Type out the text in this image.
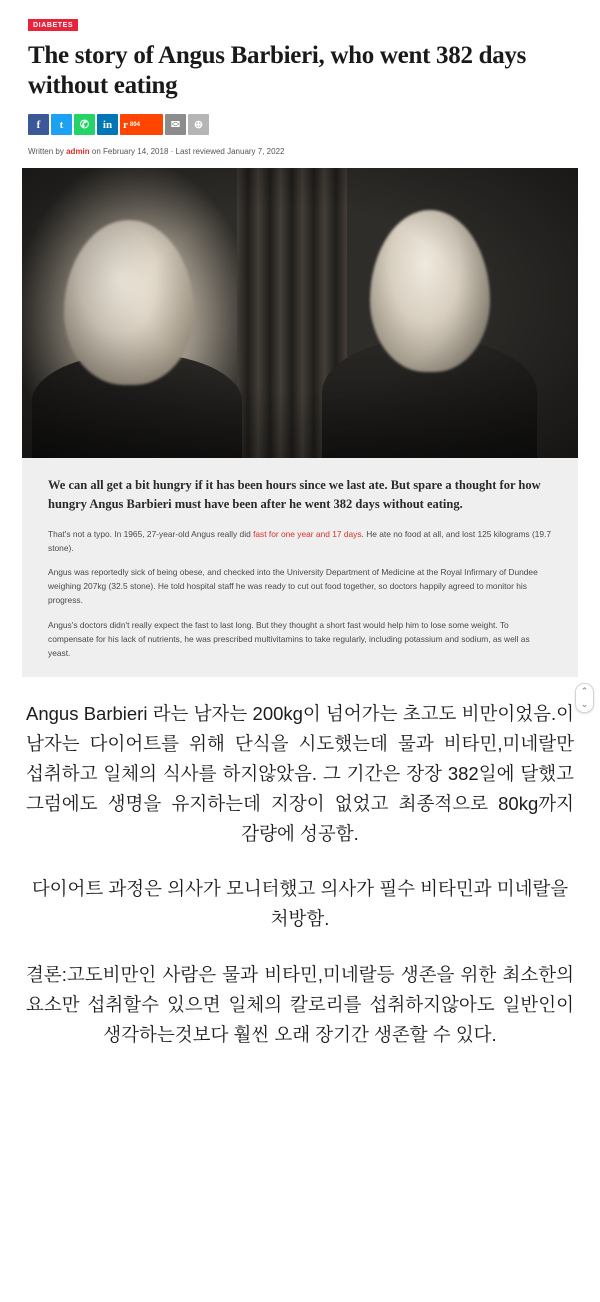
DIABETES
The story of Angus Barbieri, who went 382 days without eating
f	t	✆	in r 804	✉	⊕
Written by admin on February 14, 2018 · Last reviewed January 7, 2022

We can all get a bit hungry if it has been hours since we last ate. But spare a thought for how hungry Angus Barbieri must have been after he went 382 days without eating.

That's not a typo. In 1965, 27-year-old Angus really did fast for one year and 17 days. He ate no food at all, and lost 125 kilograms (19.7 stone).

Angus was reportedly sick of being obese, and checked into the University Department of Medicine at the Royal Infirmary of Dundee weighing 207kg (32.5 stone). He told hospital staff he was ready to cut out food together, so doctors happily agreed to monitor his progress.

Angus's doctors didn't really expect the fast to last long. But they thought a short fast would help him to lose some weight. To compensate for his lack of nutrients, he was prescribed multivitamins to take regularly, including potassium and sodium, as well as yeast.

⌃
⌄

Angus Barbieri 라는 남자는 200kg이 넘어가는 초고도 비만이었음.이 남자는 다이어트를 위해 단식을 시도했는데 물과 비타민,미네랄만 섭취하고 일체의 식사를 하지않았음. 그 기간은 장장 382일에 달했고 그럼에도 생명을 유지하는데 지장이 없었고 최종적으로 80kg까지 감량에 성공함.

다이어트 과정은 의사가 모니터했고 의사가 필수 비타민과 미네랄을 처방함.

결론:고도비만인 사람은 물과 비타민,미네랄등 생존을 위한 최소한의 요소만 섭취할수 있으면 일체의 칼로리를 섭취하지않아도 일반인이 생각하는것보다 훨씬 오래 장기간 생존할 수 있다.
